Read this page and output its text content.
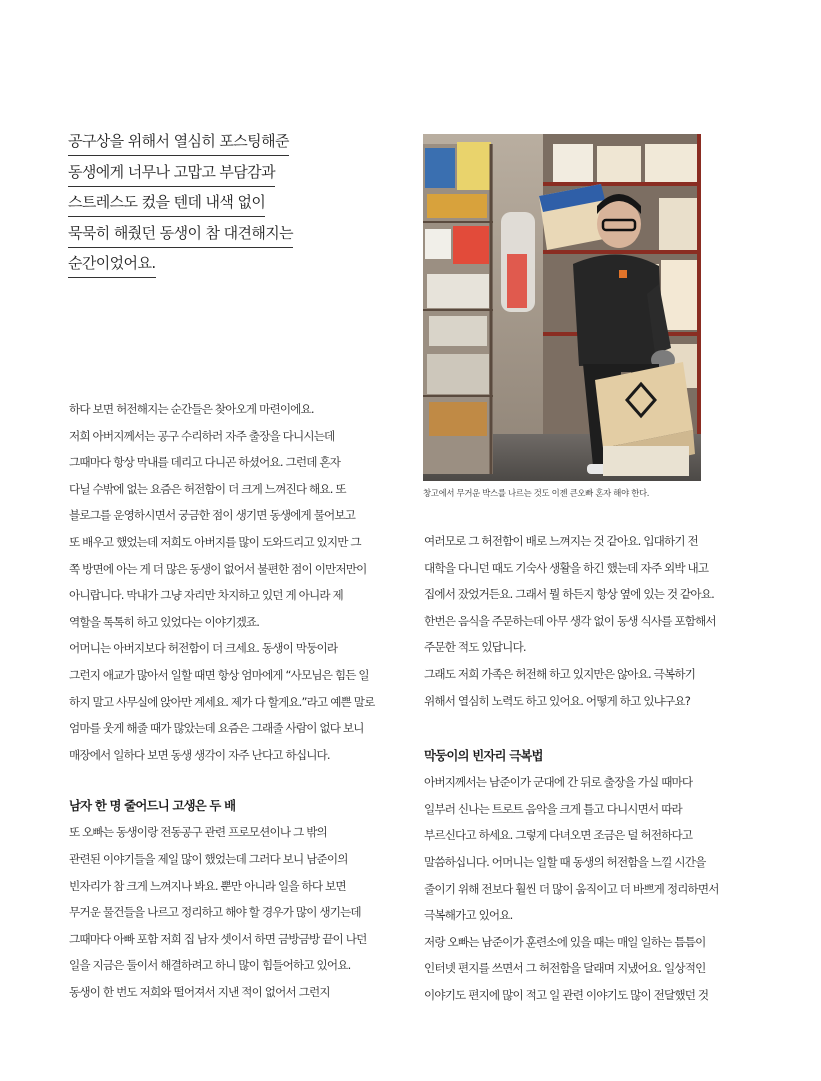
공구상을 위해서 열심히 포스팅해준
동생에게 너무나 고맙고 부담감과
스트레스도 컸을 텐데 내색 없이
묵묵히 해줬던 동생이 참 대견해지는
순간이었어요.
창고에서 무거운 박스를 나르는 것도 이젠 큰오빠 혼자 해야 한다.

하다 보면 허전해지는 순간들은 찾아오게 마련이에요.
저희 아버지께서는 공구 수리하러 자주 출장을 다니시는데
그때마다 항상 막내를 데리고 다니곤 하셨어요. 그런데 혼자
다닐 수밖에 없는 요즘은 허전함이 더 크게 느껴진다 해요. 또
블로그를 운영하시면서 궁금한 점이 생기면 동생에게 물어보고
또 배우고 했었는데 저희도 아버지를 많이 도와드리고 있지만 그
쪽 방면에 아는 게 더 많은 동생이 없어서 불편한 점이 이만저만이
아니랍니다. 막내가 그냥 자리만 차지하고 있던 게 아니라 제
역할을 톡톡히 하고 있었다는 이야기겠죠.

어머니는 아버지보다 허전함이 더 크세요. 동생이 막둥이라
그런지 애교가 많아서 일할 때면 항상 엄마에게 “사모님은 힘든 일
하지 말고 사무실에 앉아만 계세요. 제가 다 할게요.”라고 예쁜 말로
엄마를 웃게 해줄 때가 많았는데 요즘은 그래줄 사람이 없다 보니
매장에서 일하다 보면 동생 생각이 자주 난다고 하십니다.

남자 한 명 줄어드니 고생은 두 배

또 오빠는 동생이랑 전동공구 관련 프로모션이나 그 밖의
관련된 이야기들을 제일 많이 했었는데 그러다 보니 남준이의
빈자리가 참 크게 느껴지나 봐요. 뿐만 아니라 일을 하다 보면
무거운 물건들을 나르고 정리하고 해야 할 경우가 많이 생기는데
그때마다 아빠 포함 저희 집 남자 셋이서 하면 금방금방 끝이 나던
일을 지금은 둘이서 해결하려고 하니 많이 힘들어하고 있어요.
동생이 한 번도 저희와 떨어져서 지낸 적이 없어서 그런지

여러모로 그 허전함이 배로 느껴지는 것 같아요. 입대하기 전
대학을 다니던 때도 기숙사 생활을 하긴 했는데 자주 외박 내고
집에서 잤었거든요. 그래서 뭘 하든지 항상 옆에 있는 것 같아요.
한번은 음식을 주문하는데 아무 생각 없이 동생 식사를 포함해서
주문한 적도 있답니다.

그래도 저희 가족은 허전해 하고 있지만은 않아요. 극복하기
위해서 열심히 노력도 하고 있어요. 어떻게 하고 있냐구요?

막둥이의 빈자리 극복법

아버지께서는 남준이가 군대에 간 뒤로 출장을 가실 때마다
일부러 신나는 트로트 음악을 크게 틀고 다니시면서 따라
부르신다고 하세요. 그렇게 다녀오면 조금은 덜 허전하다고
말씀하십니다. 어머니는 일할 때 동생의 허전함을 느낄 시간을
줄이기 위해 전보다 훨씬 더 많이 움직이고 더 바쁘게 정리하면서
극복해가고 있어요.

저랑 오빠는 남준이가 훈련소에 있을 때는 매일 일하는 틈틈이
인터넷 편지를 쓰면서 그 허전함을 달래며 지냈어요. 일상적인
이야기도 편지에 많이 적고 일 관련 이야기도 많이 전달했던 것
